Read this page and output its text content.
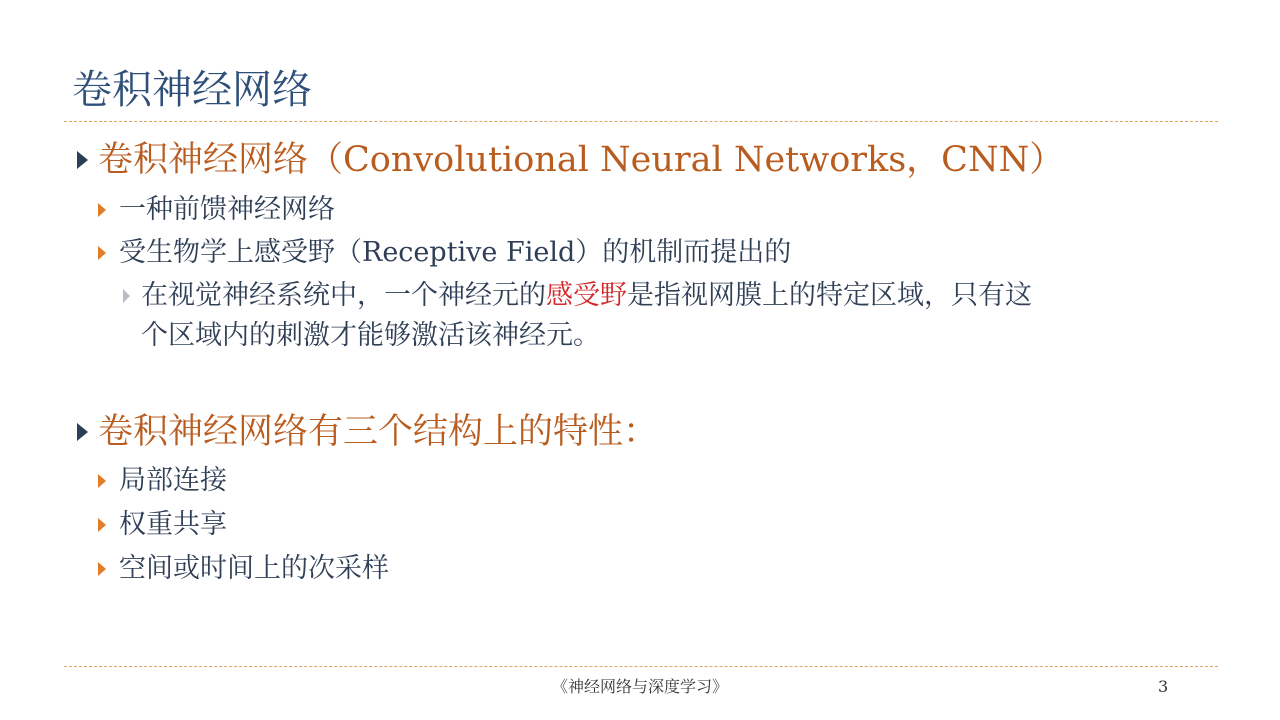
卷积神经网络
卷积神经网络（Convolutional Neural Networks，CNN）
一种前馈神经网络
受生物学上感受野（Receptive Field）的机制而提出的
在视觉神经系统中，一个神经元的感受野是指视网膜上的特定区域，只有这
个区域内的刺激才能够激活该神经元。
卷积神经网络有三个结构上的特性：
局部连接
权重共享
空间或时间上的次采样
《神经网络与深度学习》	3
